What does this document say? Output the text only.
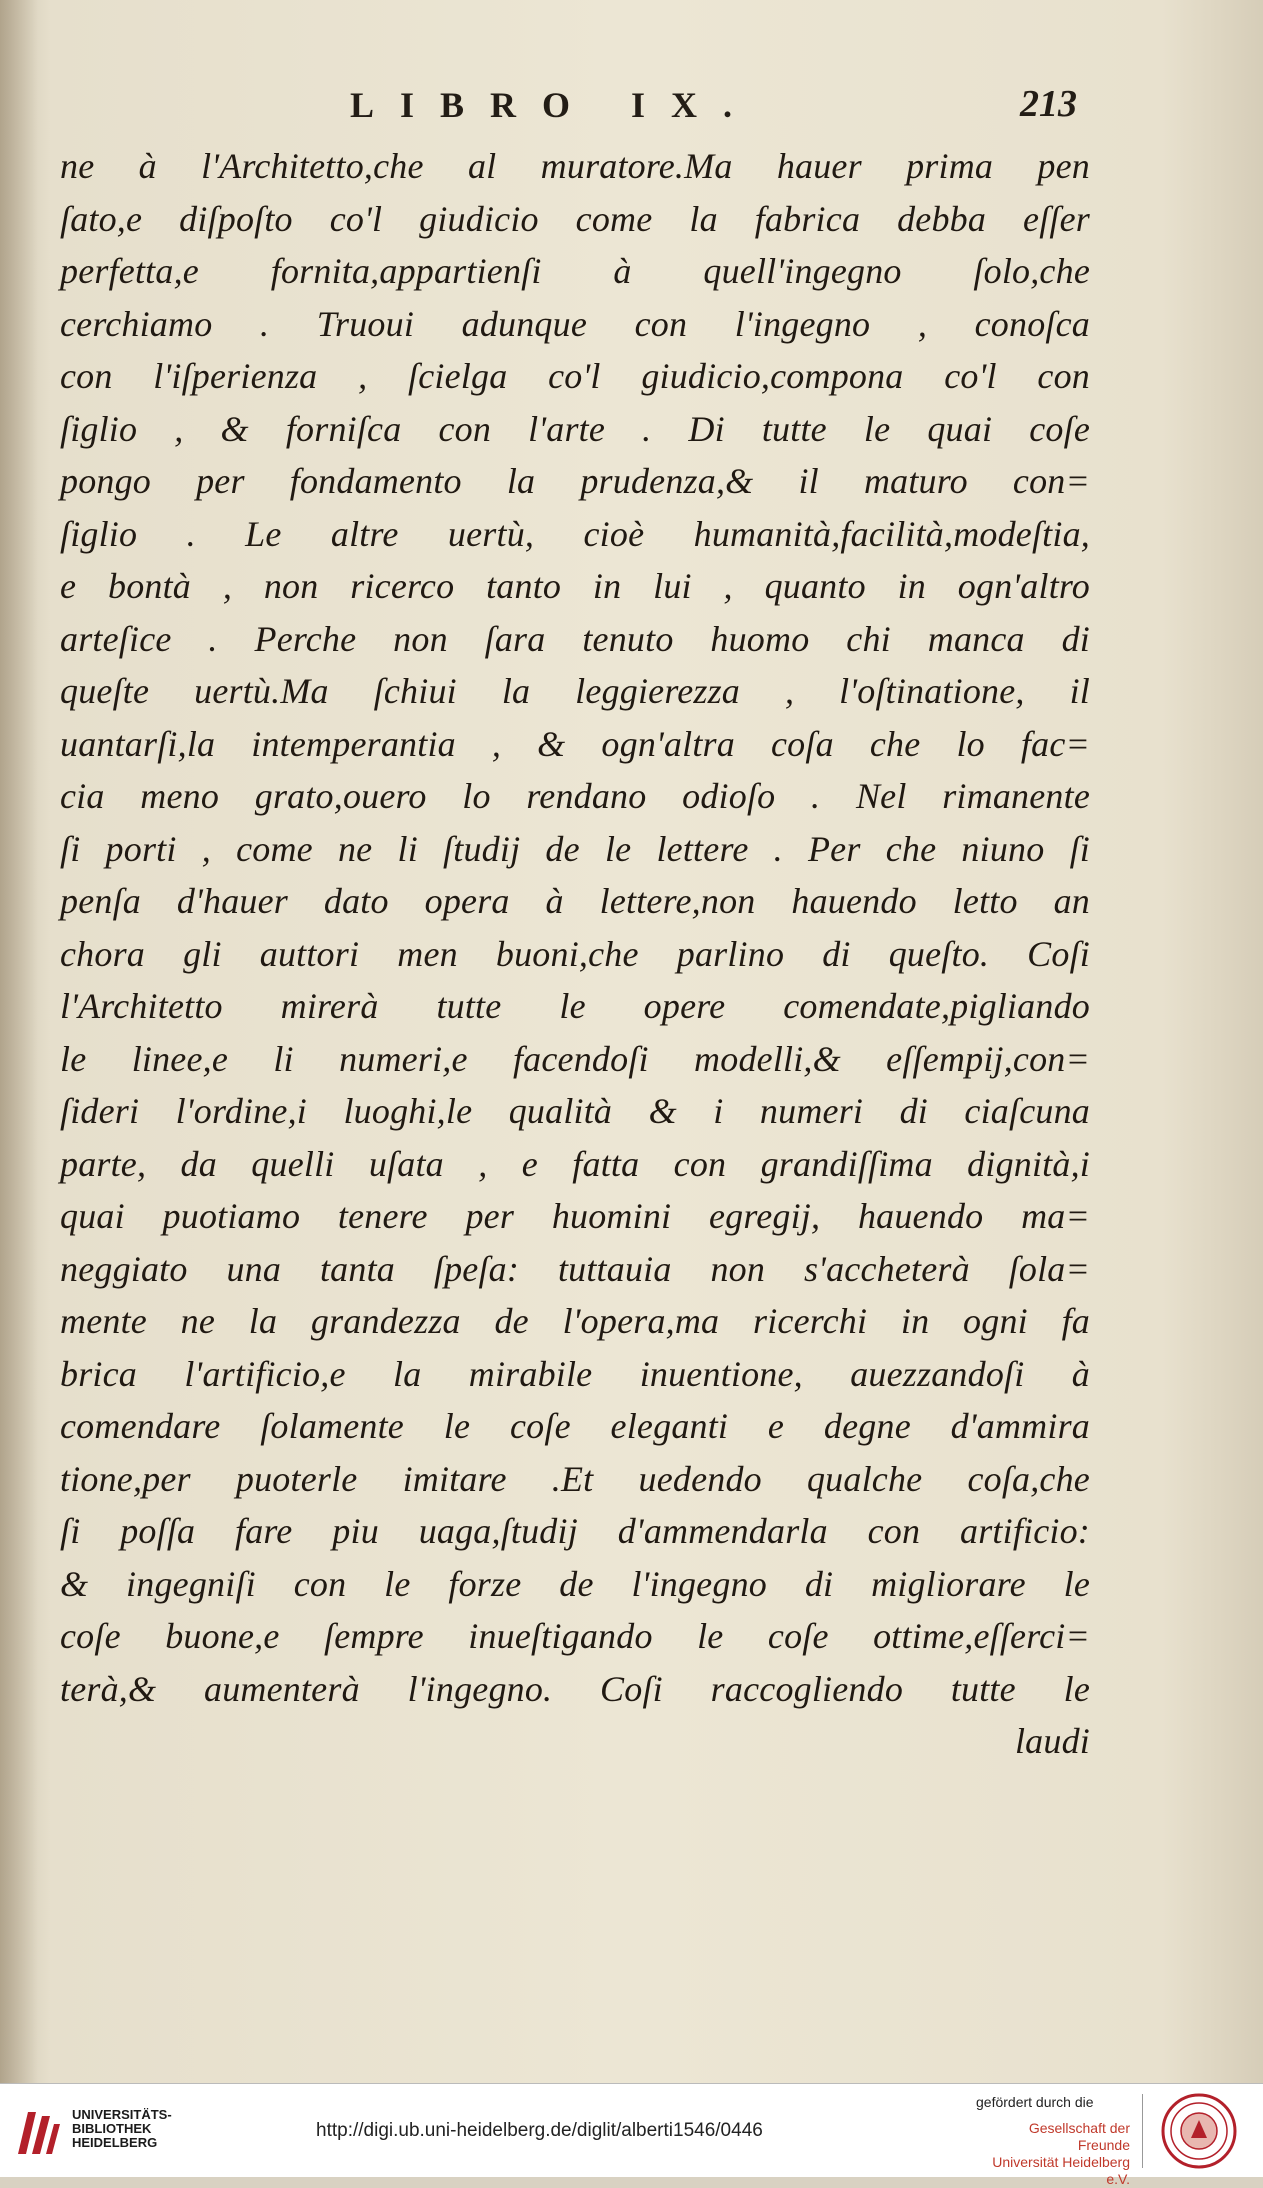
LIBRO IX.	213
ne à l'Architetto,che al muratore.Ma hauer prima pen
ſato,e diſpoſto co'l giudicio come la fabrica debba eſſer
perfetta,e fornita,appartienſi à quell'ingegno ſolo,che
cerchiamo . Truoui adunque con l'ingegno , conoſca
con l'iſperienza , ſcielga co'l giudicio,compona co'l con
ſiglio , & forniſca con l'arte . Di tutte le quai coſe
pongo per fondamento la prudenza,& il maturo con=
ſiglio . Le altre uertù, cioè humanità,facilità,modeſtia,
e bontà , non ricerco tanto in lui , quanto in ogn'altro
arteſice . Perche non ſara tenuto huomo chi manca di
queſte uertù.Ma ſchiui la leggierezza , l'oſtinatione, il
uantarſi,la intemperantia , & ogn'altra coſa che lo fac=
cia meno grato,ouero lo rendano odioſo . Nel rimanente
ſi porti , come ne li ſtudij de le lettere . Per che niuno ſi
penſa d'hauer dato opera à lettere,non hauendo letto an
chora gli auttori men buoni,che parlino di queſto. Coſi
l'Architetto mirerà tutte le opere comendate,pigliando
le linee,e li numeri,e facendoſi modelli,& eſſempij,con=
ſideri l'ordine,i luoghi,le qualità & i numeri di ciaſcuna
parte, da quelli uſata , e fatta con grandiſſima dignità,i
quai puotiamo tenere per huomini egregij, hauendo ma=
neggiato una tanta ſpeſa: tuttauia non s'accheterà ſola=
mente ne la grandezza de l'opera,ma ricerchi in ogni fa
brica l'artificio,e la mirabile inuentione, auezzandoſi à
comendare ſolamente le coſe eleganti e degne d'ammira
tione,per puoterle imitare .Et uedendo qualche coſa,che
ſi poſſa fare piu uaga,ſtudij d'ammendarla con artificio:
& ingegniſi con le forze de l'ingegno di migliorare le
coſe buone,e ſempre inueſtigando le coſe ottime,eſſerci=
terà,& aumenterà l'ingegno. Coſi raccogliendo tutte le
laudi
UNIVERSITÄTS-
BIBLIOTHEK
HEIDELBERG
http://digi.ub.uni-heidelberg.de/diglit/alberti1546/0446
gefördert durch die
Gesellschaft der Freunde
Universität Heidelberg e.V.
